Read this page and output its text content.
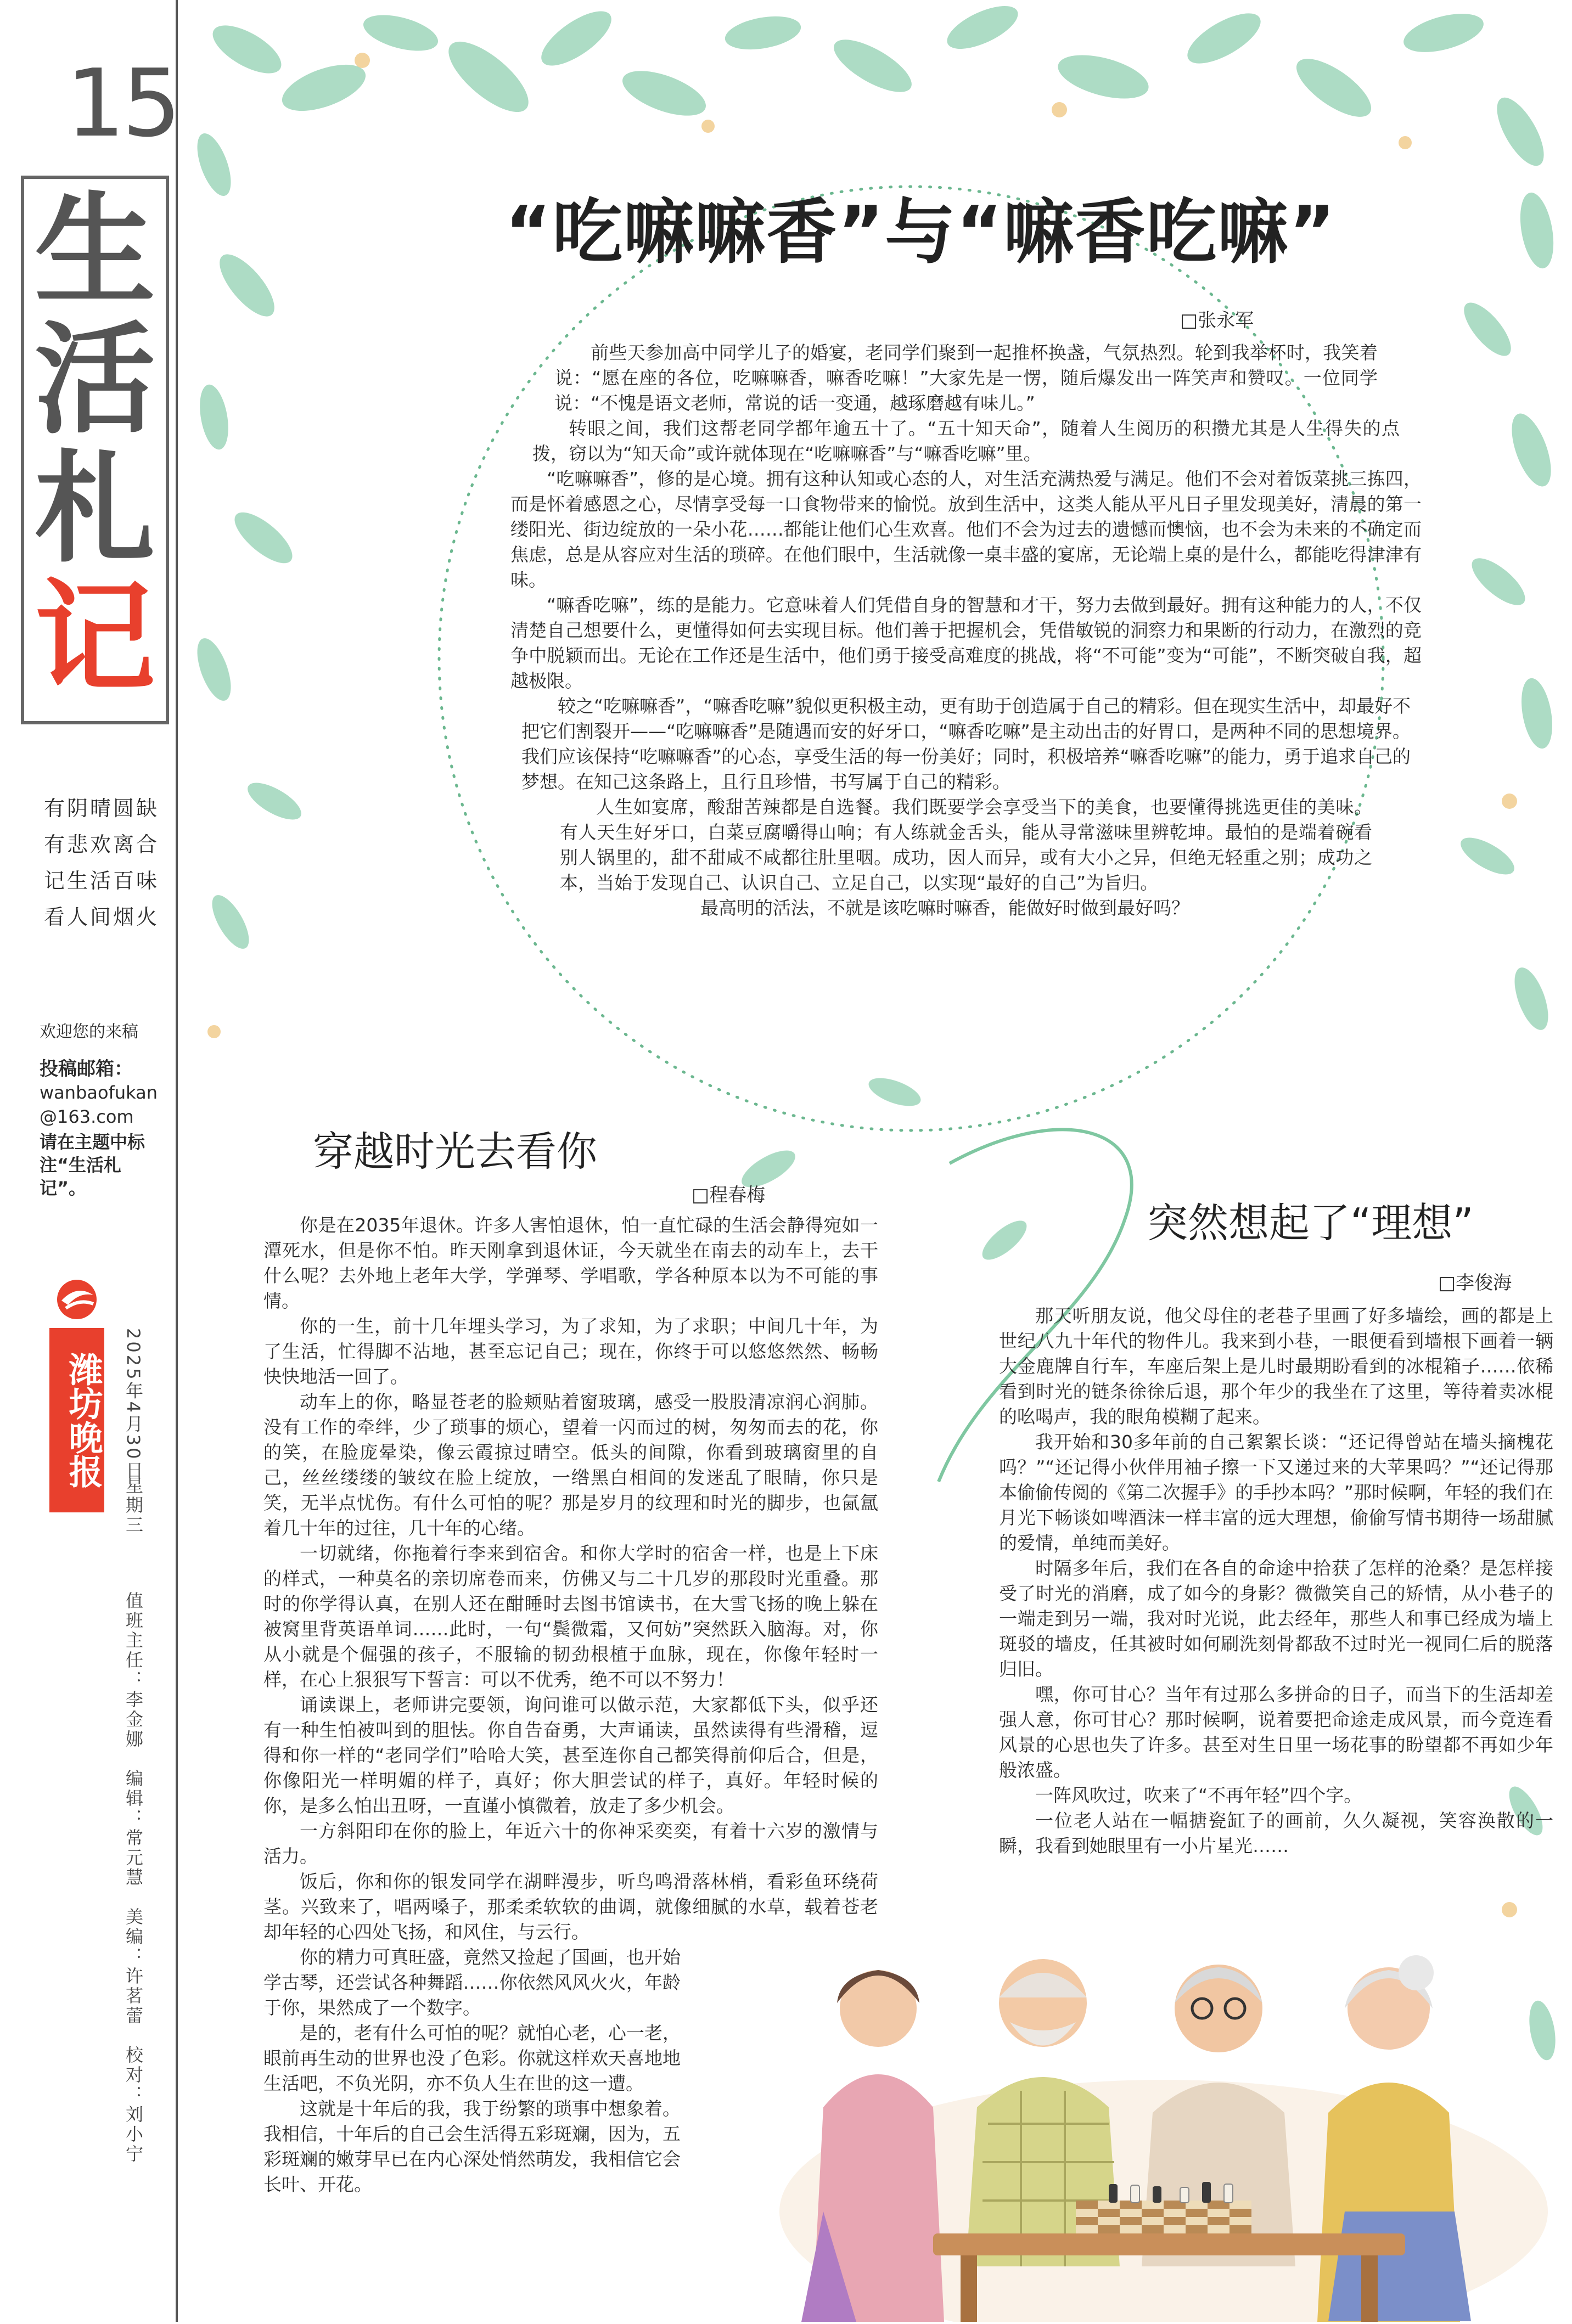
15
生
活
札
记
有阴晴圆缺
有悲欢离合
记生活百味
看人间烟火
欢迎您的来稿
投稿邮箱：
wanbaofukan
@163.com
请在主题中标注“生活札记”。
潍坊晚报 2025年4月30日
星期三
值班主任：李金娜　编辑：常元慧　美编：许茗蕾　校对：刘小宁
“吃嘛嘛香”与“嘛香吃嘛”
□张永军

前些天参加高中同学儿子的婚宴，老同学们聚到一起推杯换盏，气氛热烈。轮到我举杯时，我笑着说：“愿在座的各位，吃嘛嘛香，嘛香吃嘛！”大家先是一愣，随后爆发出一阵笑声和赞叹。一位同学说：“不愧是语文老师，常说的话一变通，越琢磨越有味儿。”

转眼之间，我们这帮老同学都年逾五十了。“五十知天命”，随着人生阅历的积攒尤其是人生得失的点拨，窃以为“知天命”或许就体现在“吃嘛嘛香”与“嘛香吃嘛”里。

“吃嘛嘛香”，修的是心境。拥有这种认知或心态的人，对生活充满热爱与满足。他们不会对着饭菜挑三拣四，而是怀着感恩之心，尽情享受每一口食物带来的愉悦。放到生活中，这类人能从平凡日子里发现美好，清晨的第一缕阳光、街边绽放的一朵小花……都能让他们心生欢喜。他们不会为过去的遗憾而懊恼，也不会为未来的不确定而焦虑，总是从容应对生活的琐碎。在他们眼中，生活就像一桌丰盛的宴席，无论端上桌的是什么，都能吃得津津有味。

“嘛香吃嘛”，练的是能力。它意味着人们凭借自身的智慧和才干，努力去做到最好。拥有这种能力的人，不仅清楚自己想要什么，更懂得如何去实现目标。他们善于把握机会，凭借敏锐的洞察力和果断的行动力，在激烈的竞争中脱颖而出。无论在工作还是生活中，他们勇于接受高难度的挑战，将“不可能”变为“可能”，不断突破自我，超越极限。

较之“吃嘛嘛香”，“嘛香吃嘛”貌似更积极主动，更有助于创造属于自己的精彩。但在现实生活中，却最好不把它们割裂开——“吃嘛嘛香”是随遇而安的好牙口，“嘛香吃嘛”是主动出击的好胃口，是两种不同的思想境界。我们应该保持“吃嘛嘛香”的心态，享受生活的每一份美好；同时，积极培养“嘛香吃嘛”的能力，勇于追求自己的梦想。在知己这条路上，且行且珍惜，书写属于自己的精彩。

人生如宴席，酸甜苦辣都是自选餐。我们既要学会享受当下的美食，也要懂得挑选更佳的美味。有人天生好牙口，白菜豆腐嚼得山响；有人练就金舌头，能从寻常滋味里辨乾坤。最怕的是端着碗看别人锅里的，甜不甜咸不咸都往肚里咽。成功，因人而异，或有大小之异，但绝无轻重之别；成功之本，当始于发现自己、认识自己、立足自己，以实现“最好的自己”为旨归。

最高明的活法，不就是该吃嘛时嘛香，能做好时做到最好吗？

穿越时光去看你
□程春梅

你是在2035年退休。许多人害怕退休，怕一直忙碌的生活会静得宛如一潭死水，但是你不怕。昨天刚拿到退休证，今天就坐在南去的动车上，去干什么呢？去外地上老年大学，学弹琴、学唱歌，学各种原本以为不可能的事情。

你的一生，前十几年埋头学习，为了求知，为了求职；中间几十年，为了生活，忙得脚不沾地，甚至忘记自己；现在，你终于可以悠悠然然、畅畅快快地活一回了。

动车上的你，略显苍老的脸颊贴着窗玻璃，感受一股股清凉润心润肺。没有工作的牵绊，少了琐事的烦心，望着一闪而过的树，匆匆而去的花，你的笑，在脸庞晕染，像云霞掠过晴空。低头的间隙，你看到玻璃窗里的自己，丝丝缕缕的皱纹在脸上绽放，一绺黑白相间的发迷乱了眼睛，你只是笑，无半点忧伤。有什么可怕的呢？那是岁月的纹理和时光的脚步，也氤氲着几十年的过往，几十年的心绪。

一切就绪，你拖着行李来到宿舍。和你大学时的宿舍一样，也是上下床的样式，一种莫名的亲切席卷而来，仿佛又与二十几岁的那段时光重叠。那时的你学得认真，在别人还在酣睡时去图书馆读书，在大雪飞扬的晚上躲在被窝里背英语单词……此时，一句“鬓微霜，又何妨”突然跃入脑海。对，你从小就是个倔强的孩子，不服输的韧劲根植于血脉，现在，你像年轻时一样，在心上狠狠写下誓言：可以不优秀，绝不可以不努力！

诵读课上，老师讲完要领，询问谁可以做示范，大家都低下头，似乎还有一种生怕被叫到的胆怯。你自告奋勇，大声诵读，虽然读得有些滑稽，逗得和你一样的“老同学们”哈哈大笑，甚至连你自己都笑得前仰后合，但是，你像阳光一样明媚的样子，真好；你大胆尝试的样子，真好。年轻时候的你，是多么怕出丑呀，一直谨小慎微着，放走了多少机会。

一方斜阳印在你的脸上，年近六十的你神采奕奕，有着十六岁的激情与活力。

饭后，你和你的银发同学在湖畔漫步，听鸟鸣滑落林梢，看彩鱼环绕荷茎。兴致来了，唱两嗓子，那柔柔软软的曲调，就像细腻的水草，载着苍老却年轻的心四处飞扬，和风住，与云行。

你的精力可真旺盛，竟然又捡起了国画，也开始学古琴，还尝试各种舞蹈……你依然风风火火，年龄于你，果然成了一个数字。

是的，老有什么可怕的呢？就怕心老，心一老，眼前再生动的世界也没了色彩。你就这样欢天喜地地生活吧，不负光阴，亦不负人生在世的这一遭。

这就是十年后的我，我于纷繁的琐事中想象着。我相信，十年后的自己会生活得五彩斑斓，因为，五彩斑斓的嫩芽早已在内心深处悄然萌发，我相信它会长叶、开花。

突然想起了“理想”
□李俊海

那天听朋友说，他父母住的老巷子里画了好多墙绘，画的都是上世纪八九十年代的物件儿。我来到小巷，一眼便看到墙根下画着一辆大金鹿牌自行车，车座后架上是儿时最期盼看到的冰棍箱子……依稀看到时光的链条徐徐后退，那个年少的我坐在了这里，等待着卖冰棍的吆喝声，我的眼角模糊了起来。

我开始和30多年前的自己絮絮长谈：“还记得曾站在墙头摘槐花吗？”“还记得小伙伴用袖子擦一下又递过来的大苹果吗？”“还记得那本偷偷传阅的《第二次握手》的手抄本吗？”那时候啊，年轻的我们在月光下畅谈如啤酒沫一样丰富的远大理想，偷偷写情书期待一场甜腻的爱情，单纯而美好。

时隔多年后，我们在各自的命途中拾获了怎样的沧桑？是怎样接受了时光的消磨，成了如今的身影？微微笑自己的矫情，从小巷子的一端走到另一端，我对时光说，此去经年，那些人和事已经成为墙上斑驳的墙皮，任其被时如何刷洗刻骨都敌不过时光一视同仁后的脱落归旧。

嘿，你可甘心？当年有过那么多拼命的日子，而当下的生活却差强人意，你可甘心？那时候啊，说着要把命途走成风景，而今竟连看风景的心思也失了许多。甚至对生日里一场花事的盼望都不再如少年般浓盛。

一阵风吹过，吹来了“不再年轻”四个字。

一位老人站在一幅搪瓷缸子的画前，久久凝视，笑容涣散的一瞬，我看到她眼里有一小片星光……
